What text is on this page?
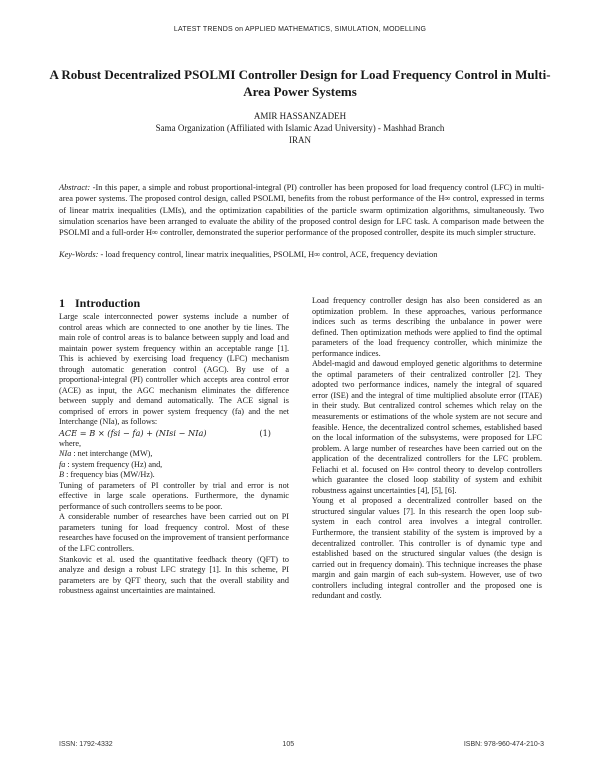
LATEST TRENDS on APPLIED MATHEMATICS, SIMULATION, MODELLING
A Robust Decentralized PSOLMI Controller Design for Load Frequency Control in Multi-Area Power Systems
AMIR HASSANZADEH
Sama Organization (Affiliated with Islamic Azad University) - Mashhad Branch
IRAN

Abstract: -In this paper, a simple and robust proportional-integral (PI) controller has been proposed for load frequency control (LFC) in multi-area power systems. The proposed control design, called PSOLMI, benefits from the robust performance of the H∞ control, expressed in terms of linear matrix inequalities (LMIs), and the optimization capabilities of the particle swarm optimization algorithms, simultaneously. Two simulation scenarios have been arranged to evaluate the ability of the proposed control design for LFC task. A comparison made between the PSOLMI and a full-order H∞ controller, demonstrated the superior performance of the proposed controller, despite its much simpler structure.

Key-Words: - load frequency control, linear matrix inequalities, PSOLMI, H∞ control, ACE, frequency deviation

1 Introduction

Large scale interconnected power systems include a number of control areas which are connected to one another by tie lines. The main role of control areas is to balance between supply and load and maintain power system frequency within an acceptable range [1]. This is achieved by exercising load frequency (LFC) mechanism through automatic generation control (AGC). By use of a proportional-integral (PI) controller which accepts area control error (ACE) as input, the AGC mechanism eliminates the difference between supply and demand automatically. The ACE signal is comprised of errors in power system frequency (fa) and the net Interchange (NIa), as follows:

ACE = B × (fsi − fa) + (NIsi − NIa)	(1)

where,

NIa : net interchange (MW),

fa : system frequency (Hz) and,

B : frequency bias (MW/Hz).

Tuning of parameters of PI controller by trial and error is not effective in large scale operations. Furthermore, the dynamic performance of such controllers seems to be poor.

A considerable number of researches have been carried out on PI parameters tuning for load frequency control. Most of these researches have focused on the improvement of transient performance of the LFC controllers.

Stankovic et al. used the quantitative feedback theory (QFT) to analyze and design a robust LFC strategy [1]. In this scheme, PI parameters are by QFT theory, such that the overall stability and robustness against uncertainties are maintained.

Load frequency controller design has also been considered as an optimization problem. In these approaches, various performance indices such as terms describing the unbalance in power were defined. Then optimization methods were applied to find the optimal parameters of the load frequency controller, which minimize the performance indices.

Abdel-magid and dawoud employed genetic algorithms to determine the optimal parameters of their centralized controller [2]. They adopted two performance indices, namely the integral of squared error (ISE) and the integral of time multiplied absolute error (ITAE) in their study. But centralized control schemes which relay on the measurements or estimations of the whole system are not secure and feasible. Hence, the decentralized control schemes, established based on the local information of the subsystems, were proposed for LFC problem. A large number of researches have been carried out on the application of the decentralized controllers for the LFC problem. Feliachi et al. focused on H∞ control theory to develop controllers which guarantee the closed loop stability of system and exhibit robustness against uncertainties [4], [5], [6].

Young et al proposed a decentralized controller based on the structured singular values [7]. In this research the open loop sub-system in each control area involves a integral controller. Furthermore, the transient stability of the system is improved by a decentralized controller. This controller is of dynamic type and established based on the structured singular values (the design is carried out in frequency domain). This technique increases the phase margin and gain margin of each sub-system. However, use of two controllers including integral controller and the proposed one is redundant and costly.

ISSN: 1792-4332	105	ISBN: 978-960-474-210-3
